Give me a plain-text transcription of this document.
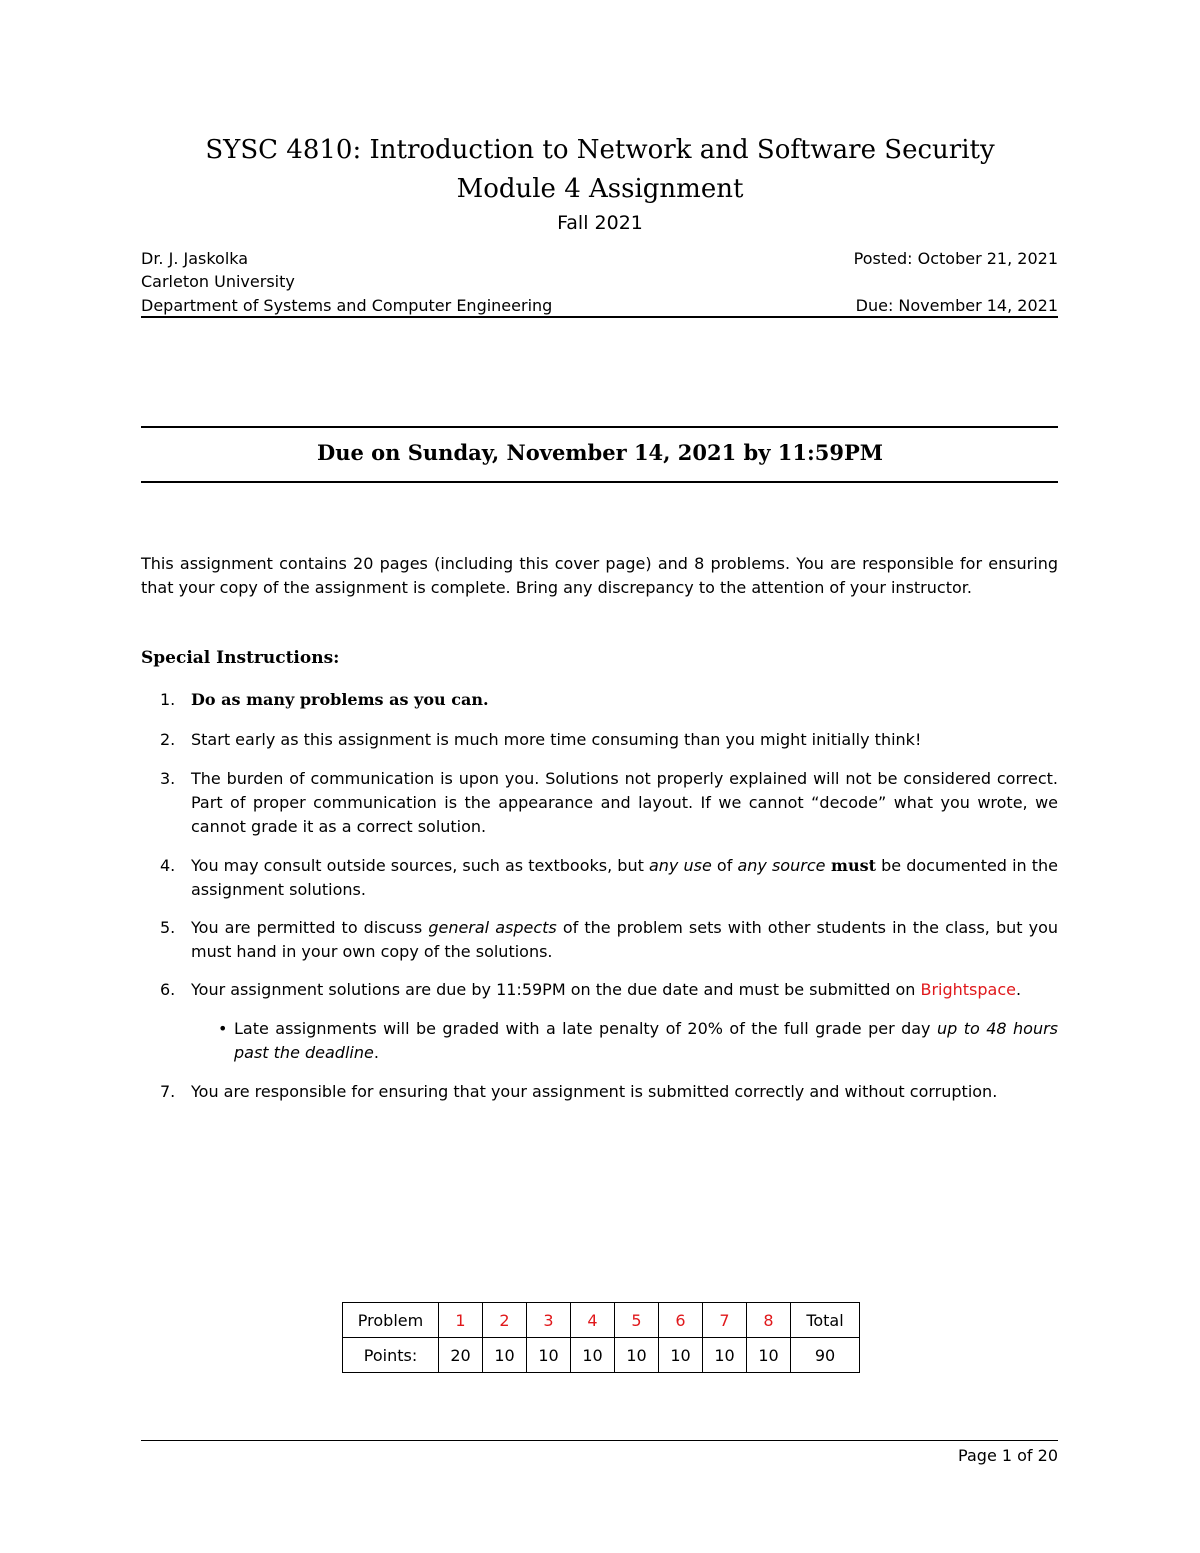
SYSC 4810: Introduction to Network and Software Security
Module 4 Assignment
Fall 2021
Dr. J. Jaskolka
Carleton University
Department of Systems and Computer Engineering
Posted: October 21, 2021
Due: November 14, 2021
Due on Sunday, November 14, 2021 by 11:59PM
This assignment contains 20 pages (including this cover page) and 8 problems. You are responsible for ensuring that your copy of the assignment is complete. Bring any discrepancy to the attention of your instructor.
Special Instructions:
1. Do as many problems as you can.
2. Start early as this assignment is much more time consuming than you might initially think!
3. The burden of communication is upon you. Solutions not properly explained will not be considered correct. Part of proper communication is the appearance and layout. If we cannot “decode” what you wrote, we cannot grade it as a correct solution.
4. You may consult outside sources, such as textbooks, but any use of any source must be documented in the assignment solutions.
5. You are permitted to discuss general aspects of the problem sets with other students in the class, but you must hand in your own copy of the solutions.
6. Your assignment solutions are due by 11:59PM on the due date and must be submitted on Brightspace.
• Late assignments will be graded with a late penalty of 20% of the full grade per day up to 48 hours past the deadline.
7. You are responsible for ensuring that your assignment is submitted correctly and without corruption.
Problem	1	2	3	4	5	6	7	8	Total
Points:	20	10	10	10	10	10	10	10	90
Page 1 of 20
